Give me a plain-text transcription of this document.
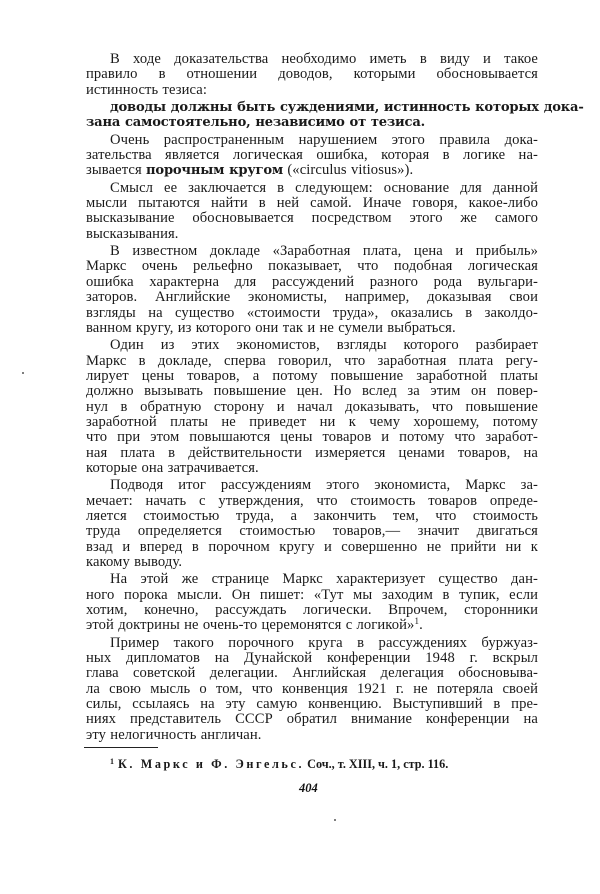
В ходе доказательства необходимо иметь в виду и такое
правило в отношении доводов, которыми обосновывается
истинность тезиса:

доводы должны быть суждениями, истинность которых дока-
зана самостоятельно, независимо от тезиса.

Очень распространенным нарушением этого правила дока-
зательства является логическая ошибка, которая в логике на-
зывается порочным кругом («circulus vitiosus»).

Смысл ее заключается в следующем: основание для данной
мысли пытаются найти в ней самой. Иначе говоря, какое-либо
высказывание обосновывается посредством этого же самого
высказывания.

В известном докладе «Заработная плата, цена и прибыль»
Маркс очень рельефно показывает, что подобная логическая
ошибка характерна для рассуждений разного рода вульгари-
заторов. Английские экономисты, например, доказывая свои
взгляды на существо «стоимости труда», оказались в заколдо-
ванном кругу, из которого они так и не сумели выбраться.

Один из этих экономистов, взгляды которого разбирает
Маркс в докладе, сперва говорил, что заработная плата регу-
лирует цены товаров, а потому повышение заработной платы
должно вызывать повышение цен. Но вслед за этим он повер-
нул в обратную сторону и начал доказывать, что повышение
заработной платы не приведет ни к чему хорошему, потому
что при этом повышаются цены товаров и потому что заработ-
ная плата в действительности измеряется ценами товаров, на
которые она затрачивается.

Подводя итог рассуждениям этого экономиста, Маркс за-
мечает: начать с утверждения, что стоимость товаров опреде-
ляется стоимостью труда, а закончить тем, что стоимость
труда определяется стоимостью товаров,— значит двигаться
взад и вперед в порочном кругу и совершенно не прийти ни к
какому выводу.

На этой же странице Маркс характеризует существо дан-
ного порока мысли. Он пишет: «Тут мы заходим в тупик, если
хотим, конечно, рассуждать логически. Впрочем, сторонники
этой доктрины не очень-то церемонятся с логикой»$^1$.

Пример такого порочного круга в рассуждениях буржуаз-
ных дипломатов на Дунайской конференции 1948 г. вскрыл
глава советской делегации. Английская делегация обосновыва-
ла свою мысль о том, что конвенция 1921 г. не потеряла своей
силы, ссылаясь на эту самую конвенцию. Выступивший в пре-
ниях представитель СССР обратил внимание конференции на
эту нелогичность англичан.

$^1$ К. Маркс и Ф. Энгельс. Соч., т. XIII, ч. 1, стр. 116.
404
